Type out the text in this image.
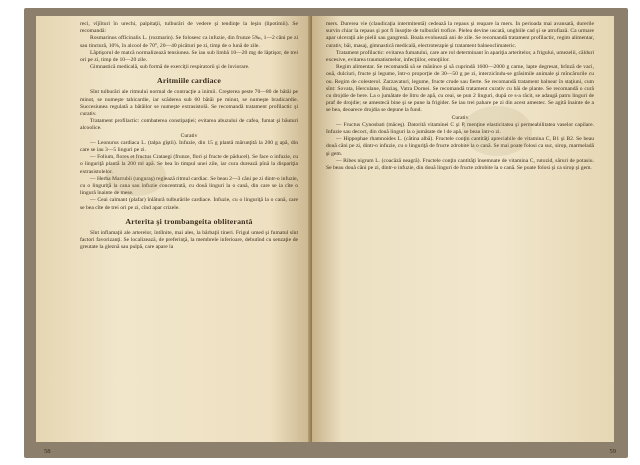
reci, vîjîituri în urechi, palpitaţii, tulburări de vedere şi tendinţe la leşin (lipotimii). Se recomandă:

Rosmarinus officinalis L. (rozmarin). Se folosesc ca infuzie, din frunze 5‰, 1—2 căni pe zi sau tinctură, 10%, în alcool de 70°, 20—40 picături pe zi, timp de o lună de zile.

Lăptişorul de matcă normalizează tensiunea. Se iau sub limbă 10—20 mg de lăptişor, de trei ori pe zi, timp de 10—20 zile.

Gimnastică medicală, sub formă de exerciţii respiratorii şi de înviorare.

Aritmiile cardiace

Sînt tulburări ale ritmului normal de contracţie a inimii. Creşterea peste 70—80 de bătăi pe minut, se numeşte tahicardie, iar scăderea sub 60 bătăi pe minut, se numeşte bradicardie. Succesiunea regulată a bătăilor se numeşte extrasistolă. Se recomandă tratament profilactic şi curativ.

Tratament profilactic: combaterea constipaţiei; evitarea abuzului de cafea, fumat şi băuturi alcoolice.

Curativ

— Leonurus cardiaca L. (talpa gîştii). Infuzie, din 15 g plantă mărunţită la 200 g apă, din care se iau 3—5 linguri pe zi.

— Folium, flores et fructus Crataegi (frunze, flori şi fructe de păducel). Se face o infuzie, cu o linguriţă plantă la 200 ml apă. Se bea în timpul unei zile, iar cura durează pînă la dispariţia extrasistolelor.

— Herba Marrubii (unguraş) reglează ritmul cardiac. Se beau 2—3 căni pe zi dintr-o infuzie, cu o linguriţă la cana sau infuzie concentrată, cu două linguri la o cană, din care se ia cîte o lingură înainte de mese.

— Ceai calmant (plafar) înlătură tulburările cardiace. Infuzie, cu o linguriţă la o cană, care se bea cîte de trei ori pe zi, cînd apar crizele.

Arterita şi trombangeita obliterantă

Sînt inflamaţii ale arterelor, întîlnite, mai ales, la bărbaţii tineri. Frigul umed şi fumatul sînt factori favorizanţi. Se localizează, de preferinţă, la membrele inferioare, debutînd cu senzaţie de greutate la gleznă sau pulpă, care apare la

58

mers. Durerea vie (claudicaţia intermitentă) cedează la repaus şi reapare la mers. In perioada mai avansată, durerile survin chiar la repaus şi pot fi însoţite de tulburări trofice. Pielea devine uscată, unghiile cad şi se atrofiază. Ca urmare apar ulceraţii ale pielii sau gangrenă. Boala evoluează ani de zile. Se recomandă tratament profilactic, regim alimentar, curativ, băi, masaj, gimnastică medicală, electroterapie şi tratament balneoclimateric.

Tratament profilactic: evitarea fumatului, care are rol determinant în apariţia arteritelor, a frigului, umezelii, călduri excesive, evitarea traumatismelor, infecţiilor, emoţiilor.

Regim alimentar. Se recomandă să se mănînce şi să cuprindă 1600—2000 g carne, lapte degresat, brînză de vaci, ouă, dulciuri, fructe şi legume, într-o proporţie de 30—50 g pe zi, interzicîndu-se grăsimile animale şi mîncărurile cu ou. Regim de colesterol. Zarzavaturi, legume, fructe crude sau fierte. Se recomandă tratament balnear în staţiuni, cum sînt: Sovata, Herculane, Buziaş, Vatra Dornei. Se recomandă tratament curativ cu băi de plante. Se recomandă o cură cu drojdie de bere. La o jumătate de litru de apă, cu ceai, se pun 2 linguri, după ce s-a răcit, se adaugă patru linguri de praf de drojdie; se amestecă bine şi se pune la frigider. Se iau trei pahare pe zi din acest amestec. Se agită înainte de a se bea, deoarece drojdia se depune la fund.

Curativ

— Fructus Cynosbati (măceş). Datorită vitaminei C şi P, menţine elasticitatea şi permeabilitatea vaselor capilare. Infuzie sau decoct, din două linguri la o jumătate de l de apă, se beau într-o zi.

— Hippophae rhamnoides L. (cătina albă). Fructele conţin cantităţi apreciabile de vitamina C, B1 şi B2. Se beau două căni pe zi, dintr-o infuzie, cu o linguriţă de fructe zdrobite la o cană. Se mai poate folosi ca suc, sirop, marmeladă şi gem.

— Ribes nigrum L. (coacăză neagră). Fructele conţin cantităţi însemnate de vitamina C, rutozid, săruri de potasiu. Se beau două căni pe zi, dintr-o infuzie, din două linguri de fructe zdrobite la o cană. Se poate folosi şi ca sirop şi gem.

59
